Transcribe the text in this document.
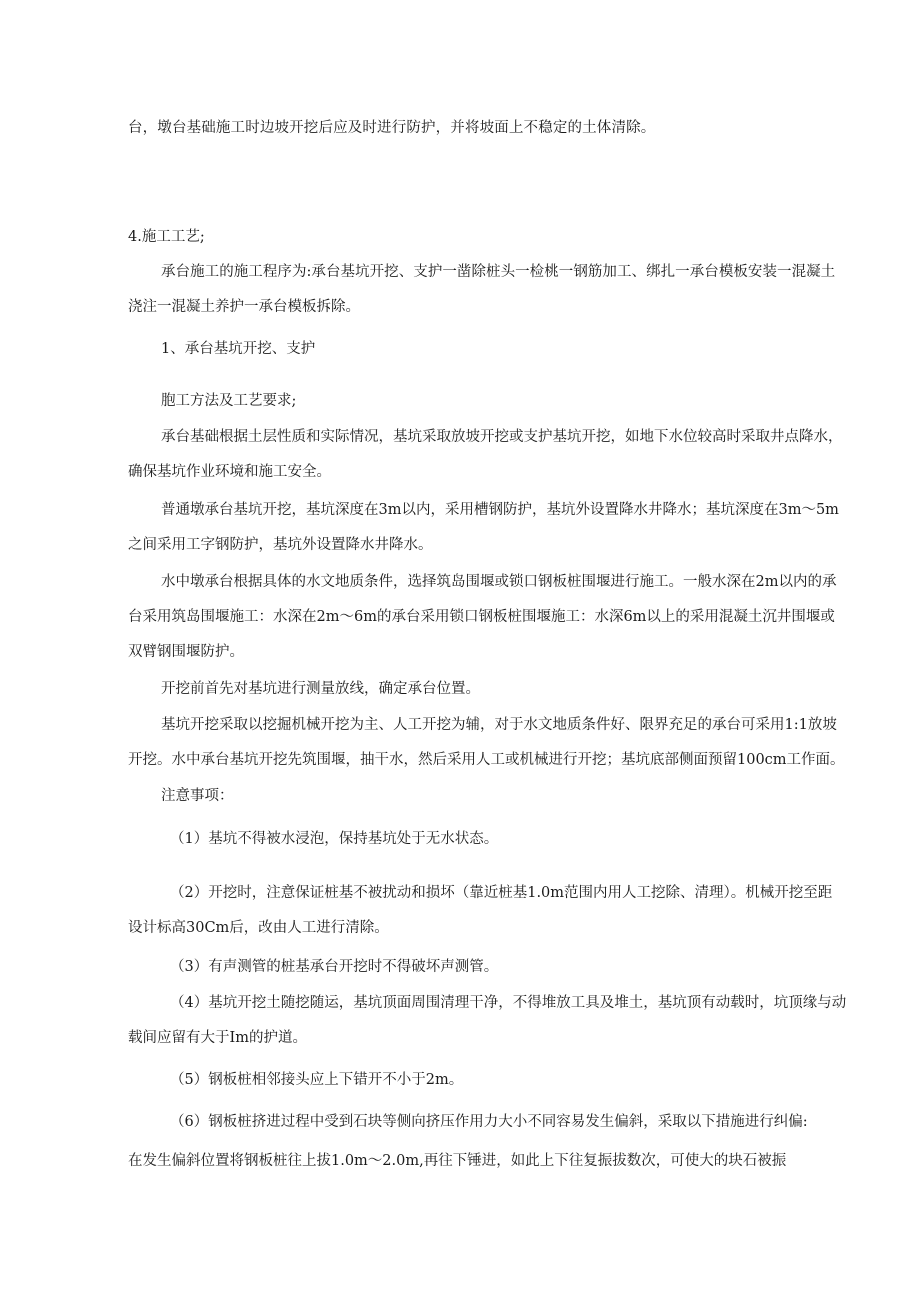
台，墩台基础施工时边坡开挖后应及时进行防护，并将坡面上不稳定的土体清除。
4.施工工艺;
承台施工的施工程序为:承台基坑开挖、支护一凿除桩头一检桃一钢筋加工、绑扎一承台模板安装一混凝土
浇注一混凝土养护一承台模板拆除。
1、承台基坑开挖、支护
胞工方法及工艺要求;
承台基础根据土层性质和实际情况，基坑采取放坡开挖或支护基坑开挖，如地下水位较高时采取井点降水，
确保基坑作业环境和施工安全。
普通墩承台基坑开挖，基坑深度在3m以内，采用槽钢防护，基坑外设置降水井降水；基坑深度在3m～5m
之间采用工字钢防护，基坑外设置降水井降水。
水中墩承台根据具体的水文地质条件，选择筑岛围堰或锁口钢板桩围堰进行施工。一般水深在2m以内的承
台采用筑岛围堰施工：水深在2m～6m的承台采用锁口钢板桩围堰施工：水深6m以上的采用混凝土沉井围堰或
双臂钢围堰防护。
开挖前首先对基坑进行测量放线，确定承台位置。
基坑开挖采取以挖掘机械开挖为主、人工开挖为辅，对于水文地质条件好、限界充足的承台可采用1:1放坡
开挖。水中承台基坑开挖先筑围堰，抽干水，然后采用人工或机械进行开挖；基坑底部侧面预留100cm工作面。
注意事项：
（1）基坑不得被水浸泡，保持基坑处于无水状态。
（2）开挖时，注意保证桩基不被扰动和损坏（靠近桩基1.0m范围内用人工挖除、清理）。机械开挖至距
设计标高30Cm后，改由人工进行清除。
（3）有声测管的桩基承台开挖时不得破坏声测管。
（4）基坑开挖土随挖随运，基坑顶面周围清理干净，不得堆放工具及堆土，基坑顶有动载时，坑顶缘与动
载间应留有大于Im的护道。
（5）钢板桩相邻接头应上下错开不小于2m。
（6）钢板桩挤进过程中受到石块等侧向挤压作用力大小不同容易发生偏斜，采取以下措施进行纠偏:
在发生偏斜位置将钢板桩往上拔1.0m～2.0m,再往下锤进，如此上下往复振拔数次，可使大的块石被振
